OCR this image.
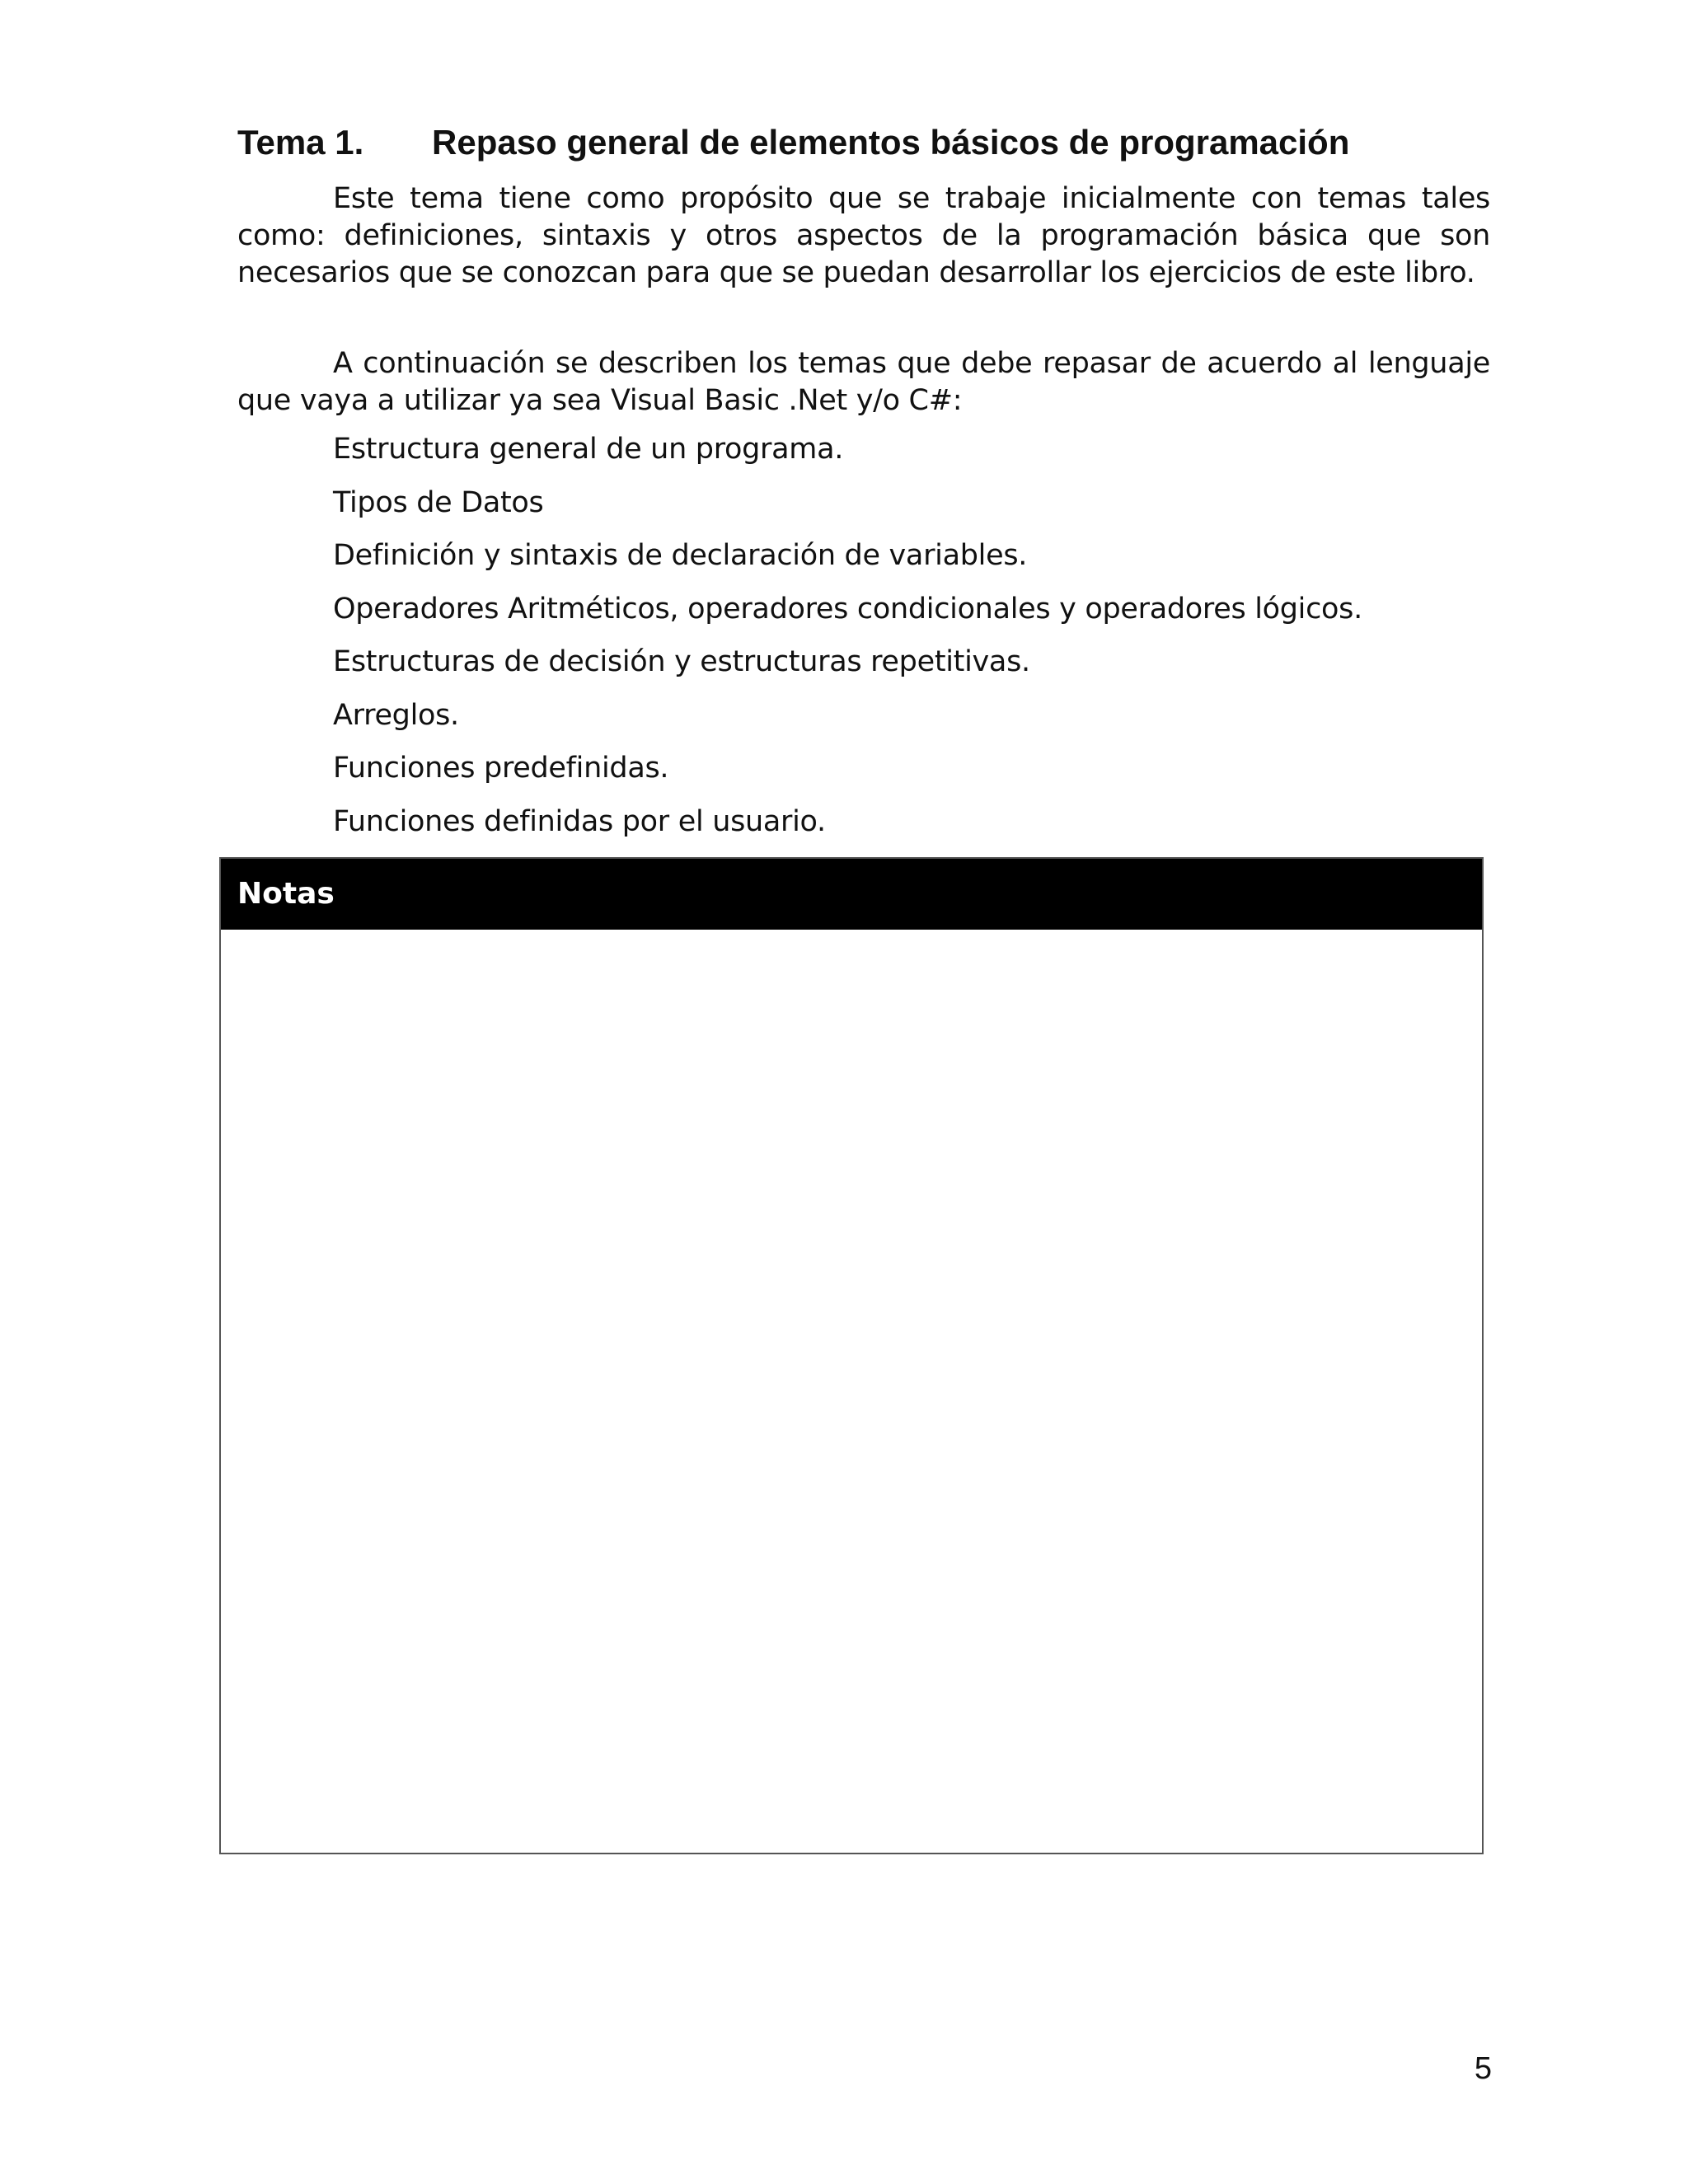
Tema 1. Repaso general de elementos básicos de programación

Este tema tiene como propósito que se trabaje inicialmente con temas tales como: definiciones, sintaxis y otros aspectos de la programación básica que son necesarios que se conozcan para que se puedan desarrollar los ejercicios de este libro.

A continuación se describen los temas que debe repasar de acuerdo al lenguaje que vaya a utilizar ya sea Visual Basic .Net y/o C#:

Estructura general de un programa.
Tipos de Datos
Definición y sintaxis de declaración de variables.
Operadores Aritméticos, operadores condicionales y operadores lógicos.
Estructuras de decisión y estructuras repetitivas.
Arreglos.
Funciones predefinidas.
Funciones definidas por el usuario.
Notas
5
